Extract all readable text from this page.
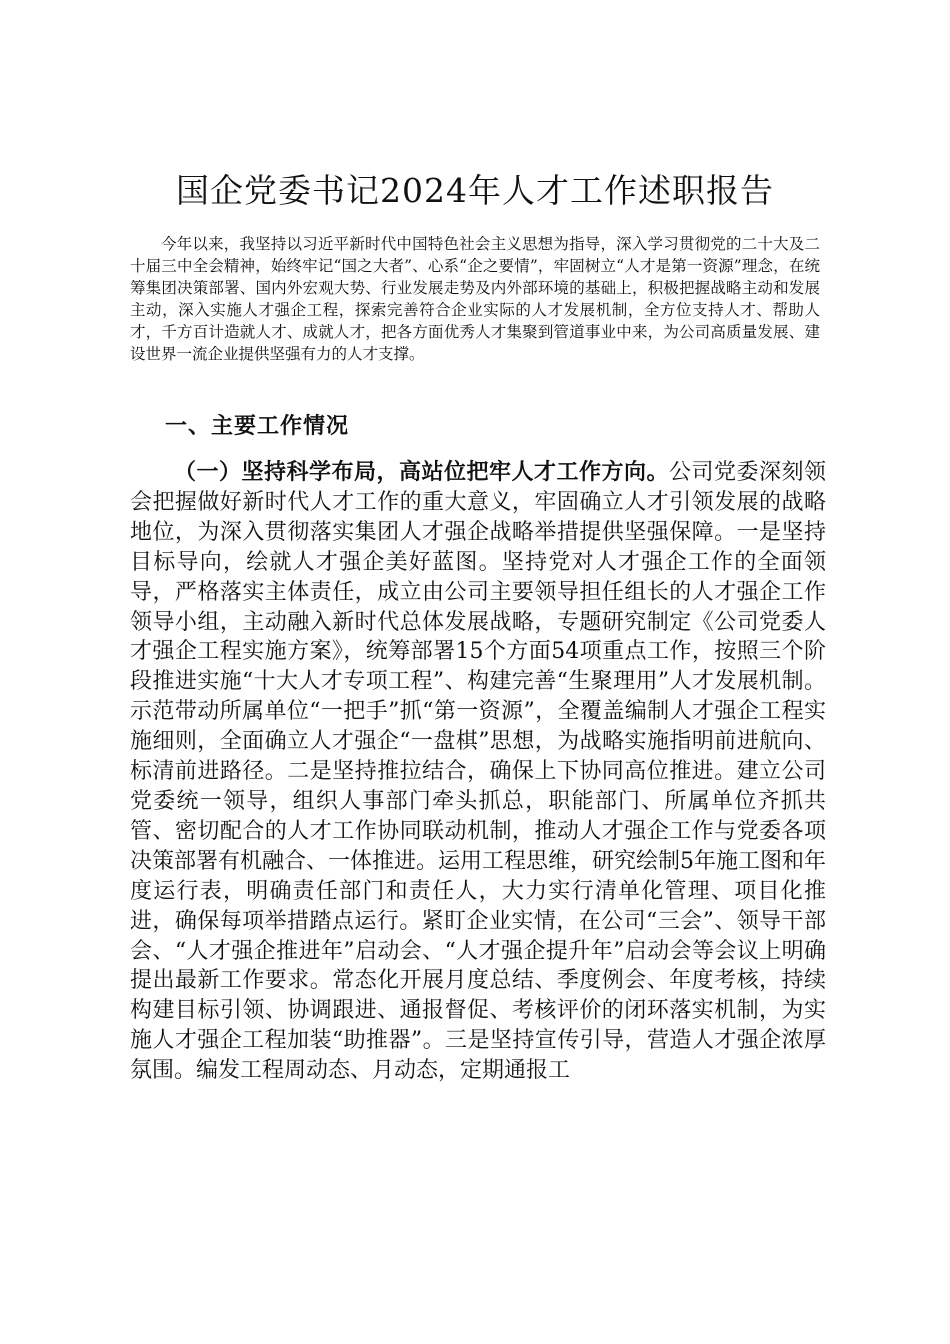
国企党委书记2024年人才工作述职报告

今年以来，我坚持以习近平新时代中国特色社会主义思想为指导，深入学习贯彻党的二十大及二十届三中全会精神，始终牢记“国之大者”、心系“企之要情”，牢固树立“人才是第一资源”理念，在统筹集团决策部署、国内外宏观大势、行业发展走势及内外部环境的基础上，积极把握战略主动和发展主动，深入实施人才强企工程，探索完善符合企业实际的人才发展机制，全方位支持人才、帮助人才，千方百计造就人才、成就人才，把各方面优秀人才集聚到管道事业中来，为公司高质量发展、建设世界一流企业提供坚强有力的人才支撑。

一、主要工作情况

（一）坚持科学布局，高站位把牢人才工作方向。公司党委深刻领会把握做好新时代人才工作的重大意义，牢固确立人才引领发展的战略地位，为深入贯彻落实集团人才强企战略举措提供坚强保障。一是坚持目标导向，绘就人才强企美好蓝图。坚持党对人才强企工作的全面领导，严格落实主体责任，成立由公司主要领导担任组长的人才强企工作领导小组，主动融入新时代总体发展战略，专题研究制定《公司党委人才强企工程实施方案》，统筹部署15个方面54项重点工作，按照三个阶段推进实施“十大人才专项工程”、构建完善“生聚理用”人才发展机制。示范带动所属单位“一把手”抓“第一资源”，全覆盖编制人才强企工程实施细则，全面确立人才强企“一盘棋”思想，为战略实施指明前进航向、标清前进路径。二是坚持推拉结合，确保上下协同高位推进。建立公司党委统一领导，组织人事部门牵头抓总，职能部门、所属单位齐抓共管、密切配合的人才工作协同联动机制，推动人才强企工作与党委各项决策部署有机融合、一体推进。运用工程思维，研究绘制5年施工图和年度运行表，明确责任部门和责任人，大力实行清单化管理、项目化推进，确保每项举措踏点运行。紧盯企业实情，在公司“三会”、领导干部会、“人才强企推进年”启动会、“人才强企提升年”启动会等会议上明确提出最新工作要求。常态化开展月度总结、季度例会、年度考核，持续构建目标引领、协调跟进、通报督促、考核评价的闭环落实机制，为实施人才强企工程加装“助推器”。三是坚持宣传引导，营造人才强企浓厚氛围。编发工程周动态、月动态，定期通报工
